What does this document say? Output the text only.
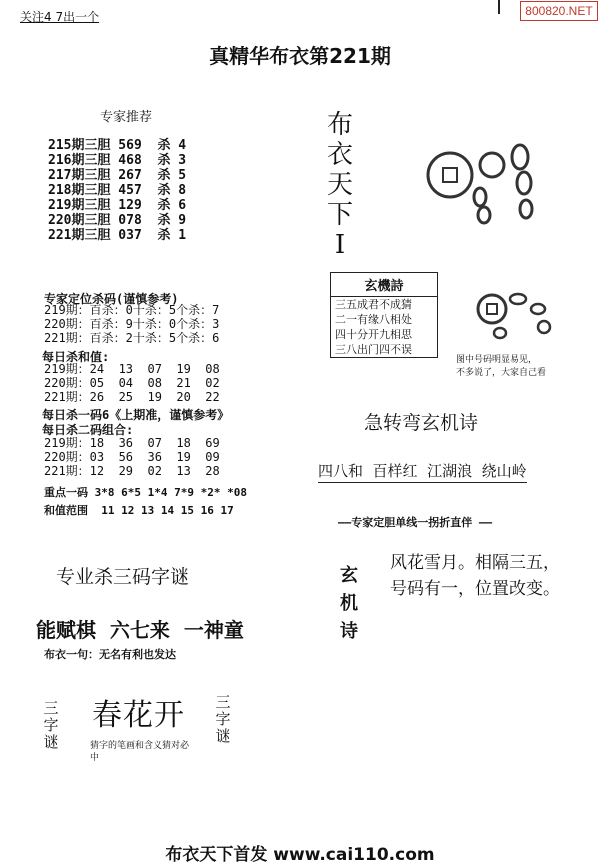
关注4 7出一个	800820.NET
真精华布衣第221期
专家推荐
215期三胆 569  杀 4
216期三胆 468  杀 3
217期三胆 267  杀 5
218期三胆 457  杀 8
219期三胆 129  杀 6
220期三胆 078  杀 9
221期三胆 037  杀 1
专家定位杀码(谨慎参考)
219期：百杀：0十杀：5个杀：7
220期：百杀：9十杀：0个杀：3
221期：百杀：2十杀：5个杀：6
每日杀和值:
219期：24  13  07  19  08
220期：05  04  08  21  02
221期：26  25  19  20  22
每日杀一码6《上期准，谨慎参考》
每日杀二码组合:
219期：18  36  07  18  69
220期：03  56  36  19  09
221期：12  29  02  13  28
重点一码 3*8 6*5 1*4 7*9 *2* *08
和值范围  11 12 13 14 15 16 17
专业杀三码字谜
能赋棋  六七来  一神童
布衣一句：无名有利也发达
三字谜
春花开
猜字的笔画和含义猜对必中
三字谜
布
衣
天
下
I
玄機詩
三五成君不成猜
二一有缘八相处
四十分开九相思
三八出门四不误
图中号码明显易见，
不多说了，大家自己看
急转弯玄机诗
四八和  百样红  江湖浪  绕山岭
——专家定胆单线一拐折直伴 ——
玄
机
诗
风花雪月。相隔三五，
号码有一，位置改变。
布衣天下首发 www.cai110.com
